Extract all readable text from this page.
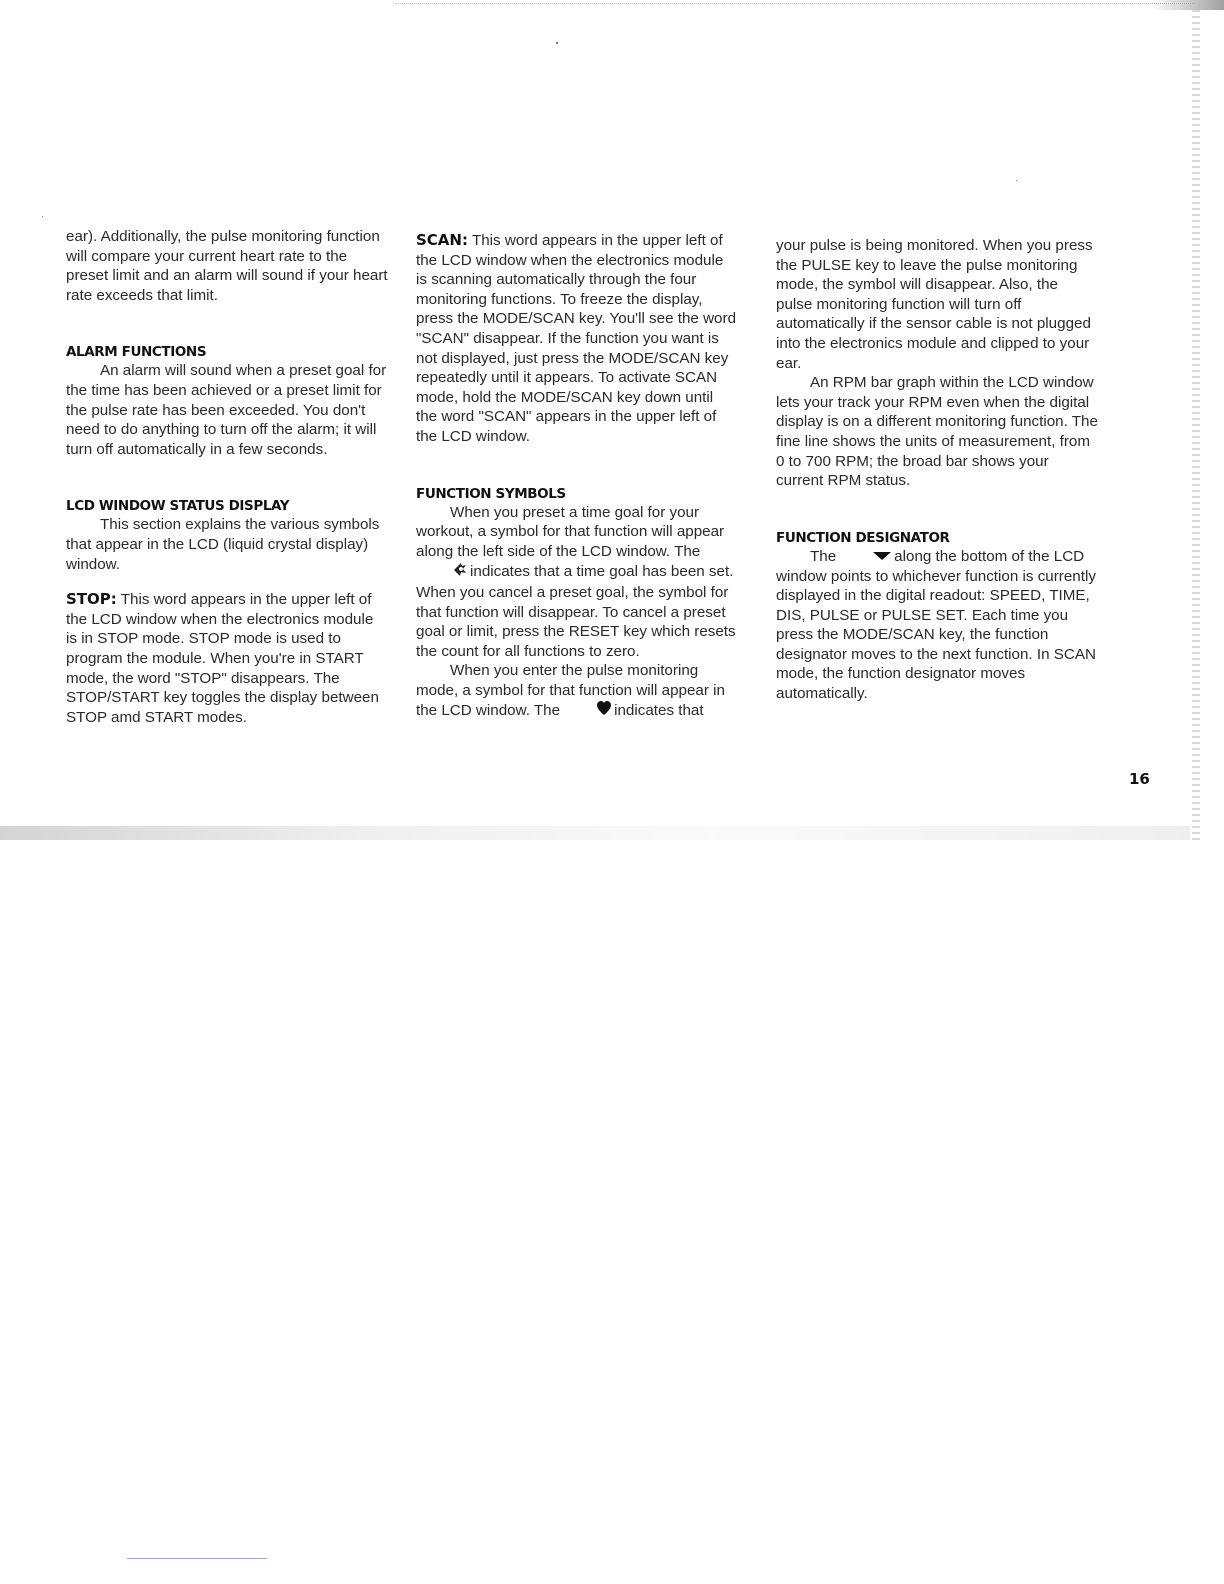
ear). Additionally, the pulse monitoring function will compare your current heart rate to the preset limit and an alarm will sound if your heart rate exceeds that limit.

ALARM FUNCTIONS

An alarm will sound when a preset goal for the time has been achieved or a preset limit for the pulse rate has been exceeded. You don't need to do anything to turn off the alarm; it will turn off automatically in a few seconds.

LCD WINDOW STATUS DISPLAY

This section explains the various symbols that appear in the LCD (liquid crystal display) window.

STOP: This word appears in the upper left of the LCD window when the electronics module is in STOP mode. STOP mode is used to program the module. When you're in START mode, the word "STOP" disappears. The STOP/START key toggles the display between STOP amd START modes.

SCAN: This word appears in the upper left of the LCD window when the electronics module is scanning automatically through the four monitoring functions. To freeze the display, press the MODE/SCAN key. You'll see the word "SCAN" disappear. If the function you want is not displayed, just press the MODE/SCAN key repeatedly until it appears. To activate SCAN mode, hold the MODE/SCAN key down until the word "SCAN" appears in the upper left of the LCD window.

FUNCTION SYMBOLS

When you preset a time goal for your workout, a symbol for that function will appear along the left side of the LCD window. Theindicates that a time goal has been set. When you cancel a preset goal, the symbol for that function will disappear. To cancel a preset goal or limit, press the RESET key which resets the count for all functions to zero.

When you enter the pulse monitoring mode, a symbol for that function will appear in the LCD window. The	indicates that

your pulse is being monitored. When you press the PULSE key to leave the pulse monitoring mode, the symbol will disappear. Also, the pulse monitoring function will turn off automatically if the sensor cable is not plugged into the electronics module and clipped to your ear.

An RPM bar graph within the LCD window lets your track your RPM even when the digital display is on a different monitoring function. The fine line shows the units of measurement, from 0 to 700 RPM; the broad bar shows your current RPM status.

FUNCTION DESIGNATOR

The	along the bottom of the LCD window points to whichever function is currently displayed in the digital readout: SPEED, TIME, DIS, PULSE or PULSE SET. Each time you press the MODE/SCAN key, the function designator moves to the next function. In SCAN mode, the function designator moves automatically.

16
